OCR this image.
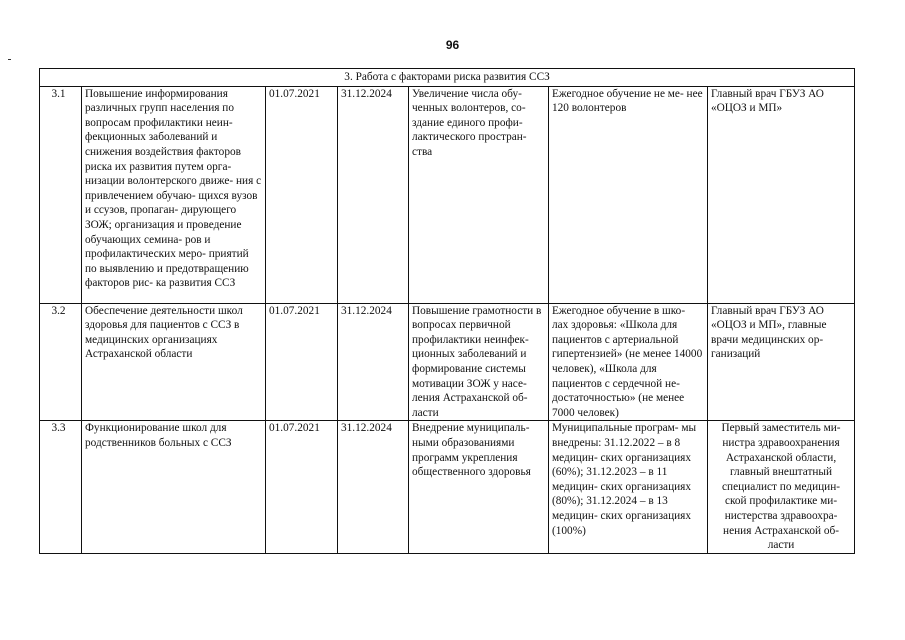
96
3. Работа с факторами риска развития ССЗ						
3.1	Повышение информирования различных групп населения по вопросам профилактики неин- фекционных заболеваний и снижения воздействия факторов риска их развития путем орга- низации волонтерского движе- ния с привлечением обучаю- щихся вузов и ссузов, пропаган- дирующего ЗОЖ; организация и проведение обучающих семина- ров и профилактических меро- приятий по выявлению и предотвращению факторов рис- ка развития ССЗ	01.07.2021	31.12.2024	Увеличение числа обу- ченных волонтеров, со- здание единого профи- лактического простран- ства	Ежегодное обучение не ме- нее 120 волонтеров	Главный врач ГБУЗ АО «ОЦОЗ и МП»
3.2	Обеспечение деятельности школ здоровья для пациентов с ССЗ в медицинских организациях Астраханской области	01.07.2021	31.12.2024	Повышение грамотности в вопросах первичной профилактики неинфек- ционных заболеваний и формирование системы мотивации ЗОЖ у насе- ления Астраханской об- ласти	Ежегодное обучение в шко- лах здоровья: «Школа для пациентов с артериальной гипертензией» (не менее 14000 человек), «Школа для пациентов с сердечной не- достаточностью» (не менее 7000 человек)	Главный врач ГБУЗ АО «ОЦОЗ и МП», главные врачи медицинских ор- ганизаций
3.3	Функционирование школ для родственников больных с ССЗ	01.07.2021	31.12.2024	Внедрение муниципаль- ными образованиями программ укрепления общественного здоровья	Муниципальные програм- мы внедрены: 31.12.2022 – в 8 медицин- ских организациях (60%); 31.12.2023 – в 11 медицин- ских организациях (80%); 31.12.2024 – в 13 медицин- ских организациях (100%)	Первый заместитель ми- нистра здравоохранения Астраханской области, главный внештатный специалист по медицин- ской профилактике ми- нистерства здравоохра- нения Астраханской об- ласти
